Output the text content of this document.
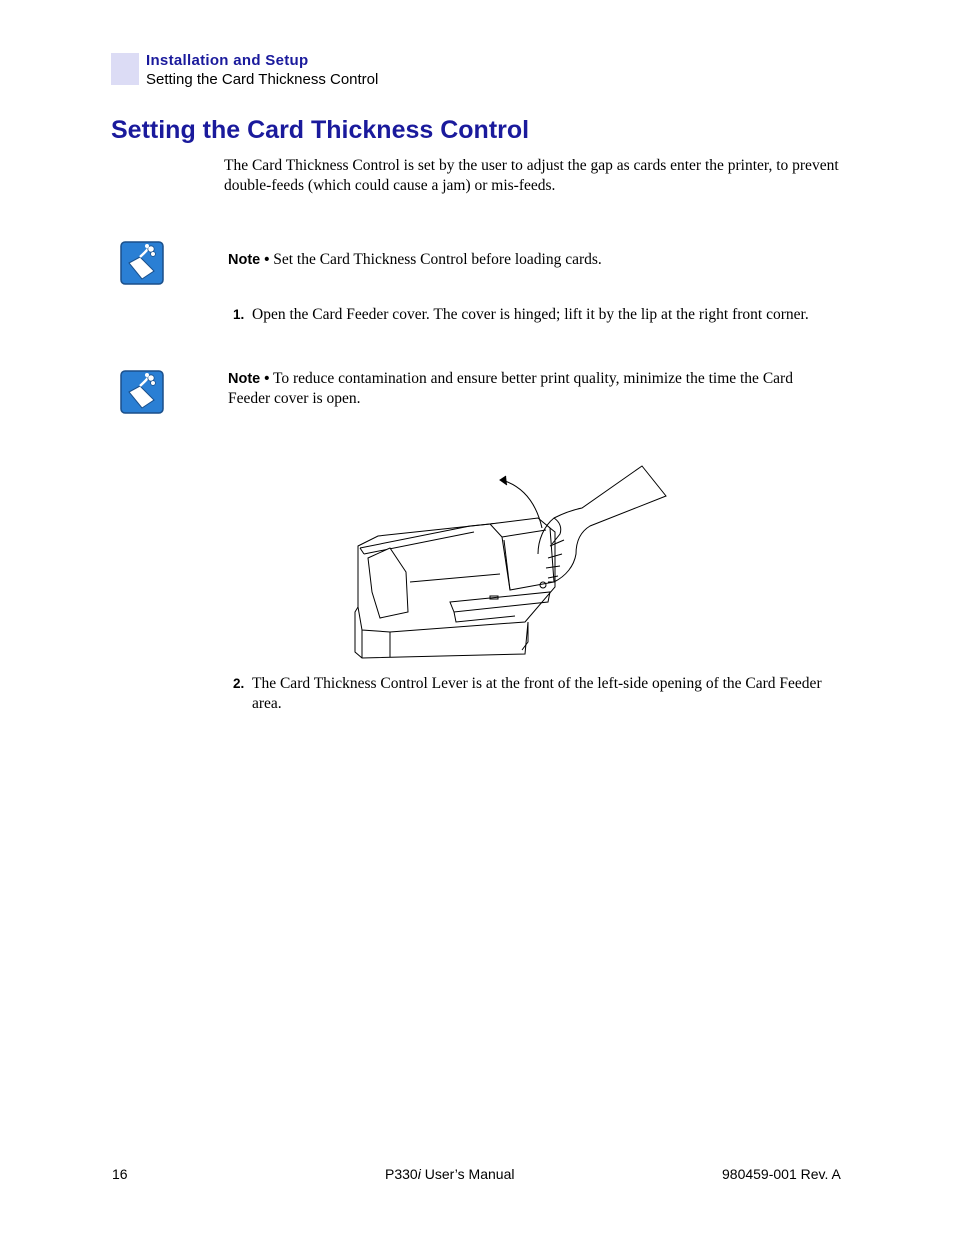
Installation and Setup
Setting the Card Thickness Control
Setting the Card Thickness Control

The Card Thickness Control is set by the user to adjust the gap as cards enter the printer, to prevent double-feeds (which could cause a jam) or mis-feeds.

Note • Set the Card Thickness Control before loading cards.

1. Open the Card Feeder cover. The cover is hinged; lift it by the lip at the right front corner.

Note • To reduce contamination and ensure better print quality, minimize the time the Card Feeder cover is open.

2. The Card Thickness Control Lever is at the front of the left-side opening of the Card Feeder area.
16	P330i User’s Manual	980459-001 Rev. A
